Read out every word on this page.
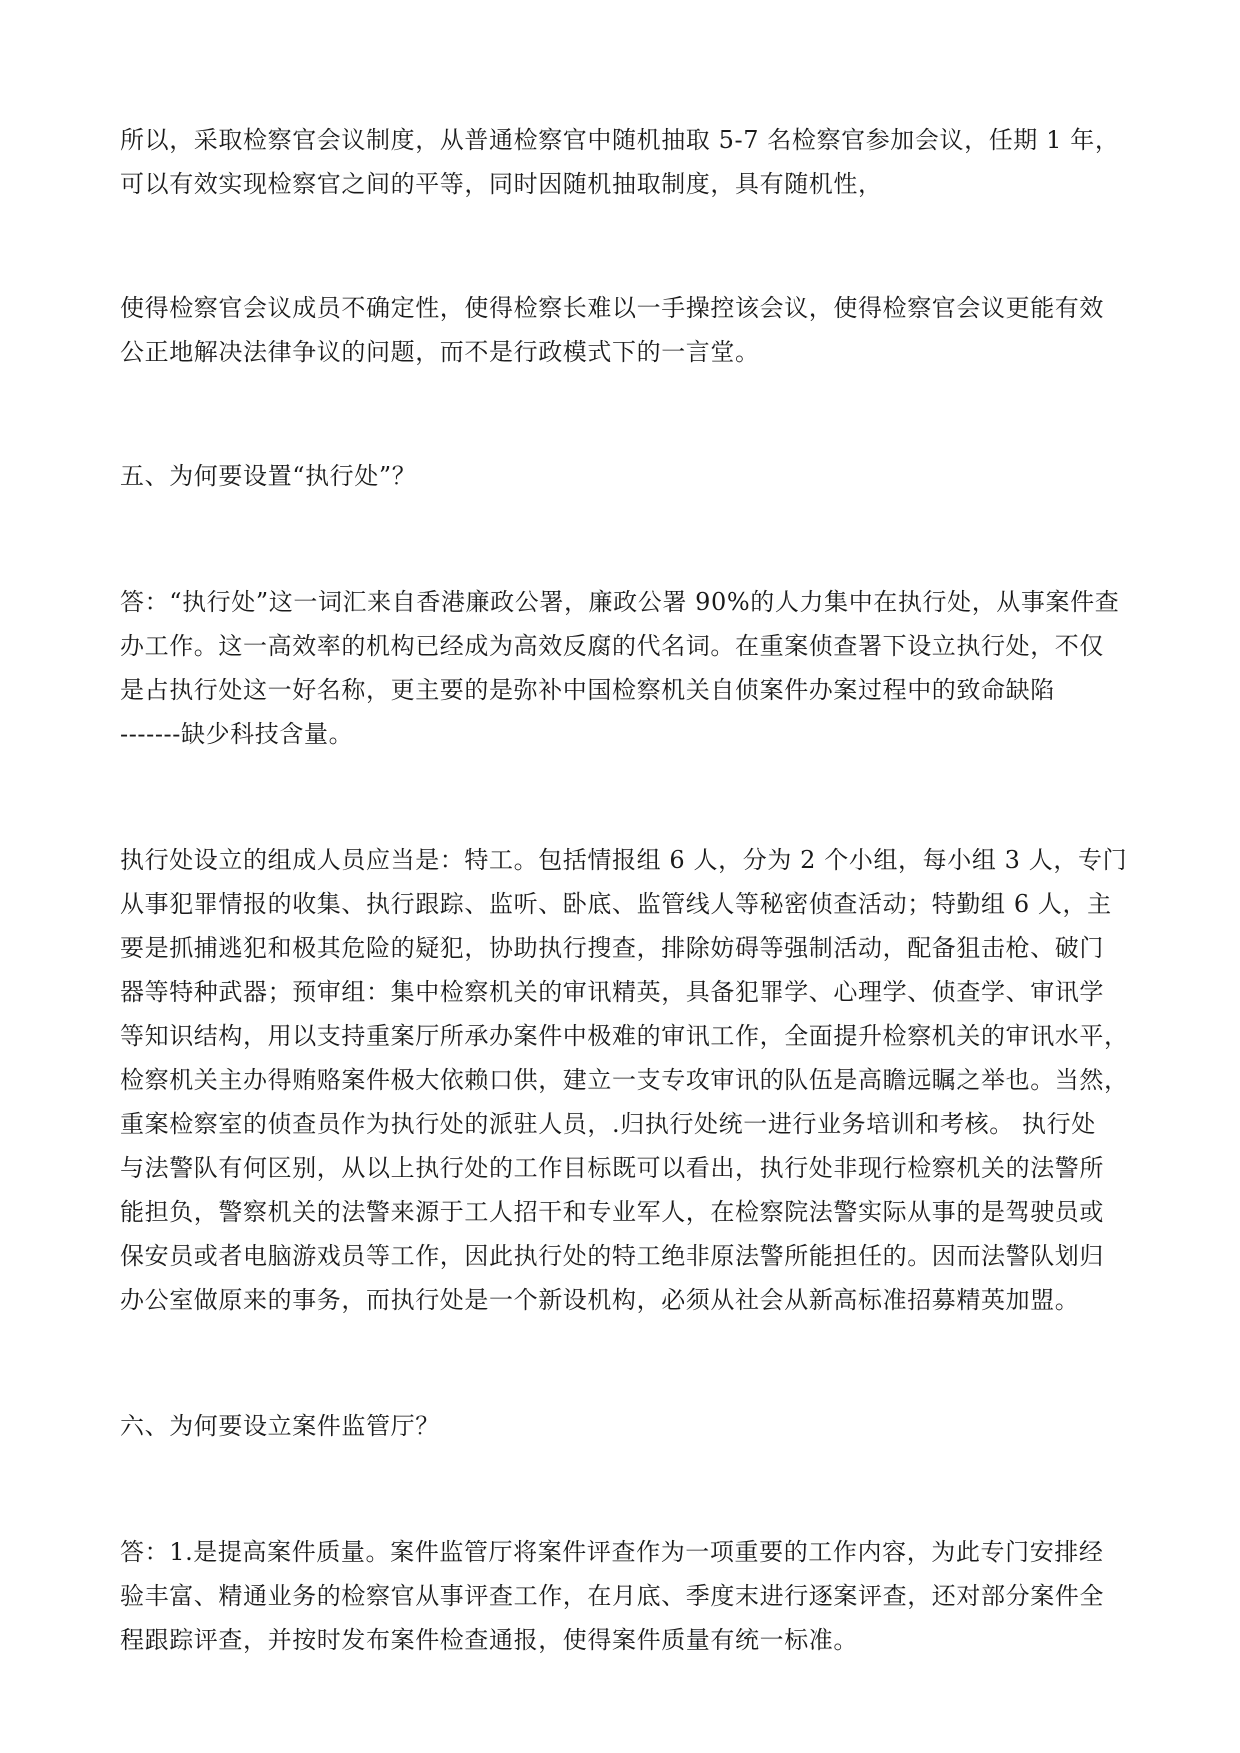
所以，采取检察官会议制度，从普通检察官中随机抽取 5-7 名检察官参加会议，任期 1 年，
可以有效实现检察官之间的平等，同时因随机抽取制度，具有随机性，

使得检察官会议成员不确定性，使得检察长难以一手操控该会议，使得检察官会议更能有效
公正地解决法律争议的问题，而不是行政模式下的一言堂。

五、为何要设置“执行处”？

答：“执行处”这一词汇来自香港廉政公署，廉政公署 90%的人力集中在执行处，从事案件查
办工作。这一高效率的机构已经成为高效反腐的代名词。在重案侦查署下设立执行处，不仅
是占执行处这一好名称，更主要的是弥补中国检察机关自侦案件办案过程中的致命缺陷
-------缺少科技含量。

执行处设立的组成人员应当是：特工。包括情报组 6 人，分为 2 个小组，每小组 3 人，专门
从事犯罪情报的收集、执行跟踪、监听、卧底、监管线人等秘密侦查活动；特勤组 6 人，主
要是抓捕逃犯和极其危险的疑犯，协助执行搜查，排除妨碍等强制活动，配备狙击枪、破门
器等特种武器；预审组：集中检察机关的审讯精英，具备犯罪学、心理学、侦查学、审讯学
等知识结构，用以支持重案厅所承办案件中极难的审讯工作，全面提升检察机关的审讯水平，
检察机关主办得贿赂案件极大依赖口供，建立一支专攻审讯的队伍是高瞻远瞩之举也。当然，
重案检察室的侦查员作为执行处的派驻人员，.归执行处统一进行业务培训和考核。 执行处
与法警队有何区别，从以上执行处的工作目标既可以看出，执行处非现行检察机关的法警所
能担负，警察机关的法警来源于工人招干和专业军人，在检察院法警实际从事的是驾驶员或
保安员或者电脑游戏员等工作，因此执行处的特工绝非原法警所能担任的。因而法警队划归
办公室做原来的事务，而执行处是一个新设机构，必须从社会从新高标准招募精英加盟。

六、为何要设立案件监管厅？

答：1.是提高案件质量。案件监管厅将案件评查作为一项重要的工作内容，为此专门安排经
验丰富、精通业务的检察官从事评查工作，在月底、季度末进行逐案评查，还对部分案件全
程跟踪评查，并按时发布案件检查通报，使得案件质量有统一标准。
